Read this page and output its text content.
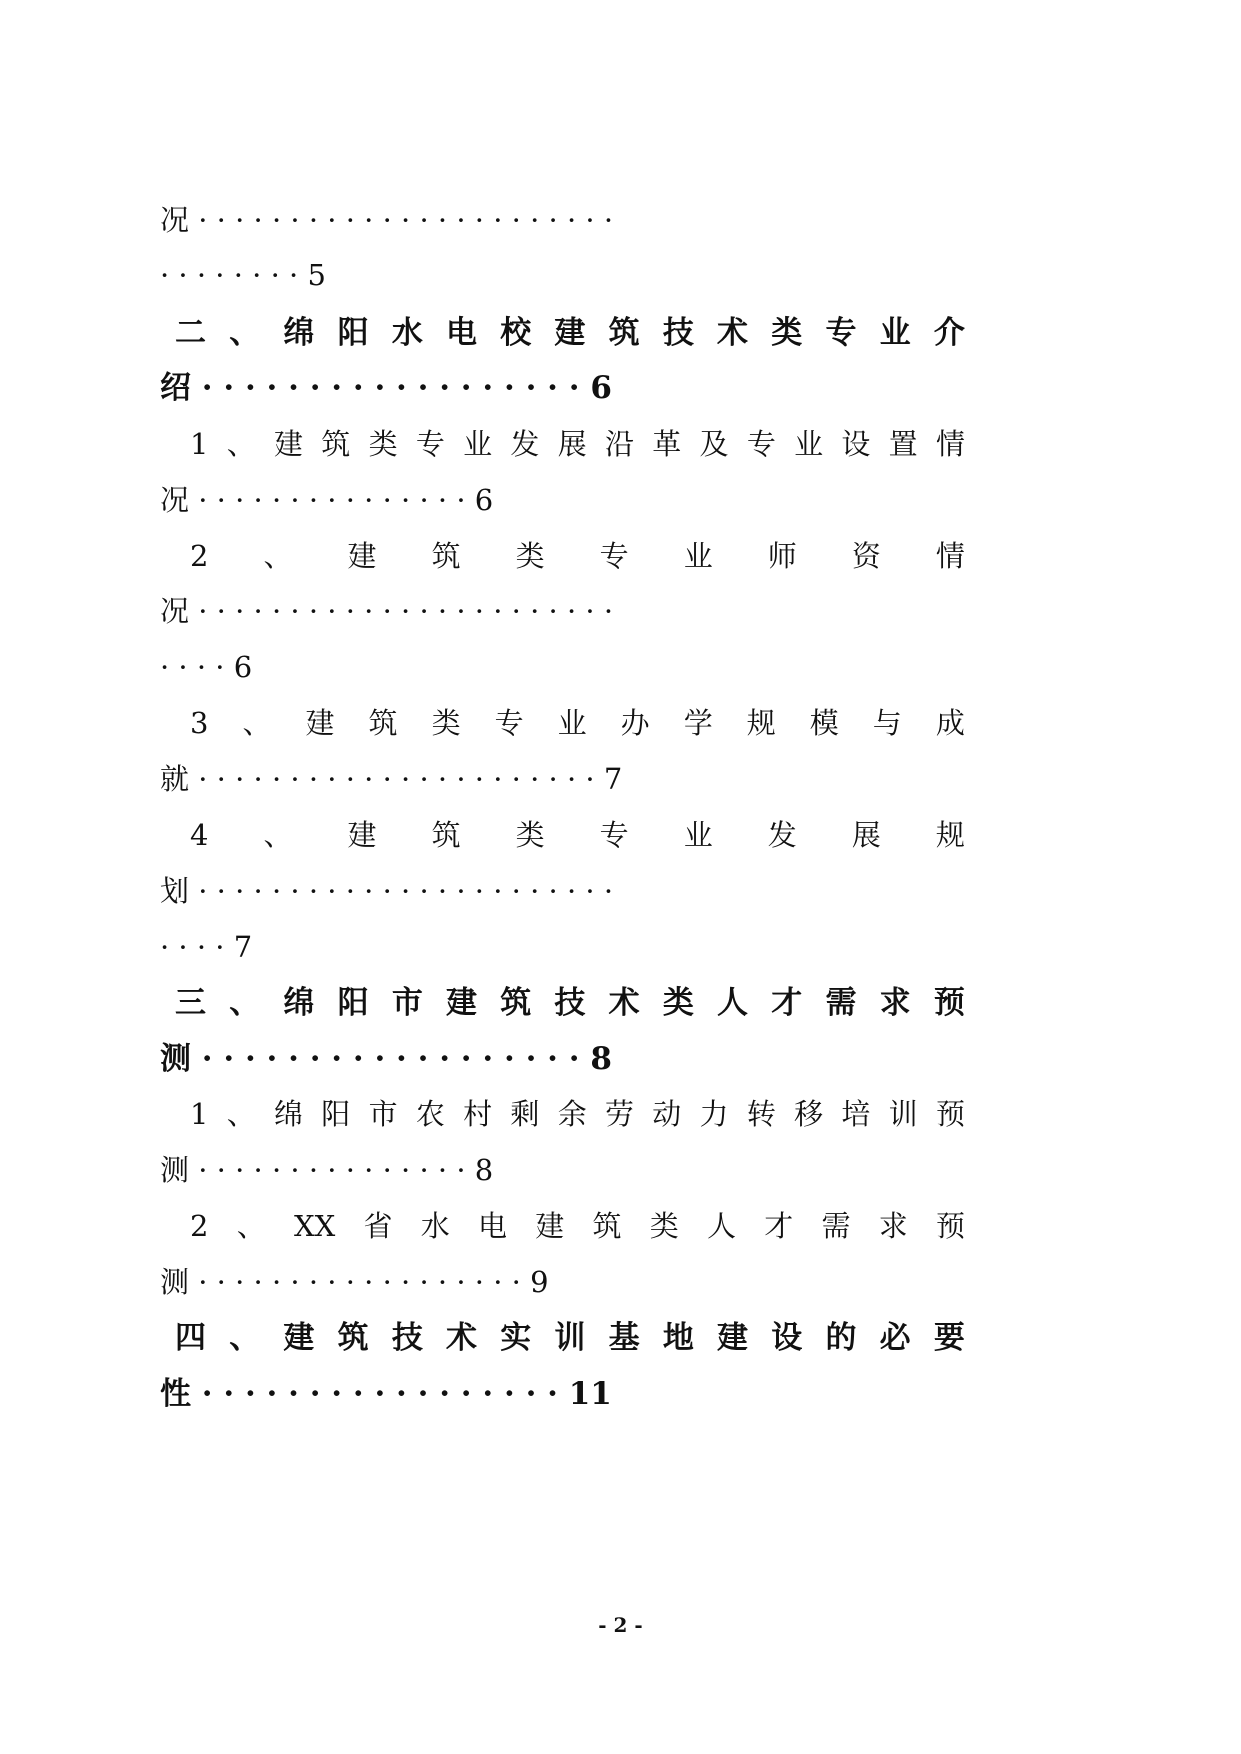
况 · · · · · · · · · · · · · · · · · · · · · · ·
· · · · · · · · 5
二 、 绵 阳 水 电 校 建 筑 技 术 类 专 业 介
绍 · · · · · · · · · · · · · · · · · · 6
1 、 建 筑 类 专 业 发 展 沿 革 及 专 业 设 置 情
况 · · · · · · · · · · · · · · · 6
2 、 建 筑 类 专 业 师 资 情
况 · · · · · · · · · · · · · · · · · · · · · · ·
· · · · 6
3 、 建 筑 类 专 业 办 学 规 模 与 成
就 · · · · · · · · · · · · · · · · · · · · · · 7
4 、 建 筑 类 专 业 发 展 规
划 · · · · · · · · · · · · · · · · · · · · · · ·
· · · · 7
三 、 绵 阳 市 建 筑 技 术 类 人 才 需 求 预
测 · · · · · · · · · · · · · · · · · · 8
1 、 绵 阳 市 农 村 剩 余 劳 动 力 转 移 培 训 预
测 · · · · · · · · · · · · · · · 8
2 、 XX 省 水 电 建 筑 类 人 才 需 求 预
测 · · · · · · · · · · · · · · · · · · 9
四 、 建 筑 技 术 实 训 基 地 建 设 的 必 要
性 · · · · · · · · · · · · · · · · · 11
- 2 -
